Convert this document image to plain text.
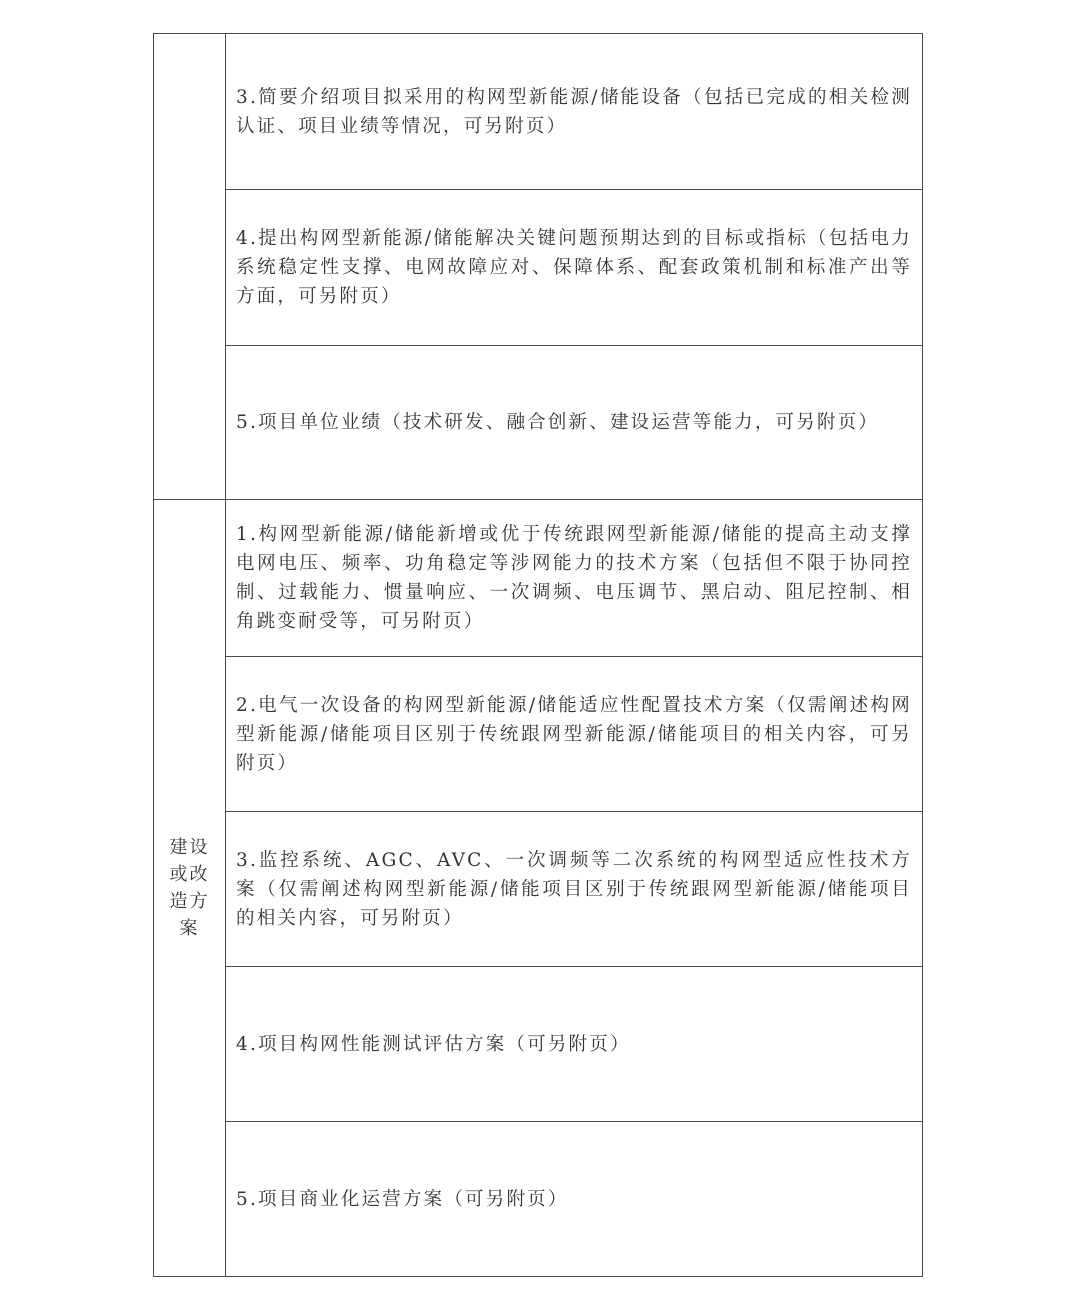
	3.简要介绍项目拟采用的构网型新能源/储能设备（包括已完成的相关检测认证、项目业绩等情况，可另附页）

	4.提出构网型新能源/储能解决关键问题预期达到的目标或指标（包括电力系统稳定性支撑、电网故障应对、保障体系、配套政策机制和标准产出等方面，可另附页）

	5.项目单位业绩（技术研发、融合创新、建设运营等能力，可另附页）

建设或改造方案	1.构网型新能源/储能新增或优于传统跟网型新能源/储能的提高主动支撑电网电压、频率、功角稳定等涉网能力的技术方案（包括但不限于协同控制、过载能力、惯量响应、一次调频、电压调节、黑启动、阻尼控制、相角跳变耐受等，可另附页）

	2.电气一次设备的构网型新能源/储能适应性配置技术方案（仅需阐述构网型新能源/储能项目区别于传统跟网型新能源/储能项目的相关内容，可另附页）

	3.监控系统、AGC、AVC、一次调频等二次系统的构网型适应性技术方案（仅需阐述构网型新能源/储能项目区别于传统跟网型新能源/储能项目的相关内容，可另附页）

	4.项目构网性能测试评估方案（可另附页）

	5.项目商业化运营方案（可另附页）
